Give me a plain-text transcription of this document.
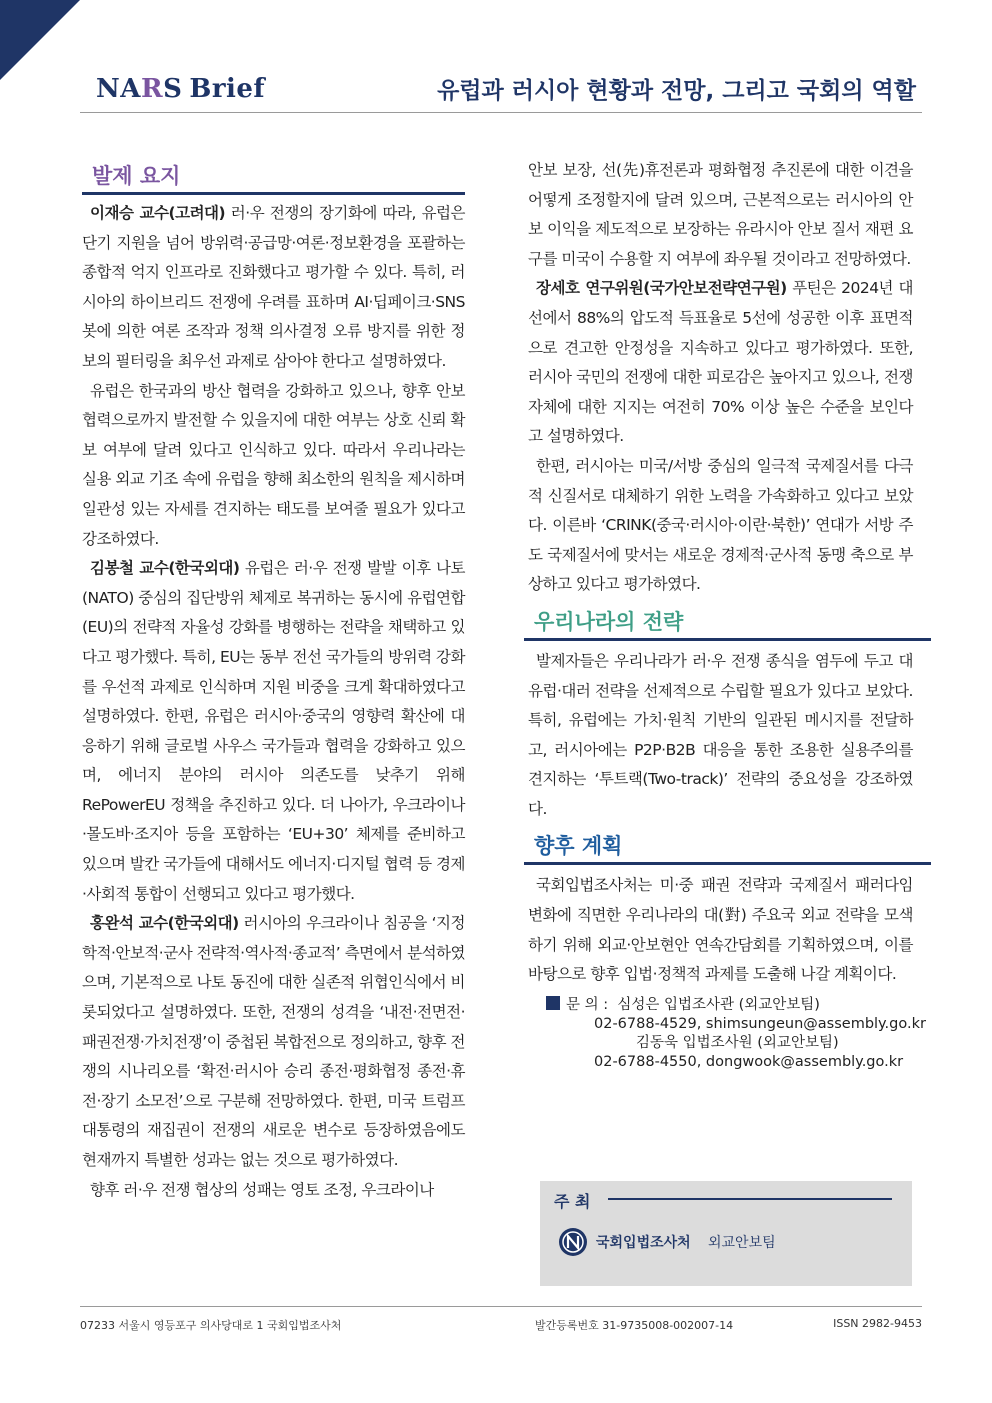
NARS Brief	유럽과 러시아 현황과 전망, 그리고 국회의 역할
발제 요지

이재승 교수(고려대) 러·우 전쟁의 장기화에 따라, 유럽은 단기 지원을 넘어 방위력·공급망·여론·정보환경을 포괄하는 종합적 억지 인프라로 진화했다고 평가할 수 있다. 특히, 러시아의 하이브리드 전쟁에 우려를 표하며 AI·딥페이크·SNS 봇에 의한 여론 조작과 정책 의사결정 오류 방지를 위한 정보의 필터링을 최우선 과제로 삼아야 한다고 설명하였다.

유럽은 한국과의 방산 협력을 강화하고 있으나, 향후 안보 협력으로까지 발전할 수 있을지에 대한 여부는 상호 신뢰 확보 여부에 달려 있다고 인식하고 있다. 따라서 우리나라는 실용 외교 기조 속에 유럽을 향해 최소한의 원칙을 제시하며 일관성 있는 자세를 견지하는 태도를 보여줄 필요가 있다고 강조하였다.

김봉철 교수(한국외대) 유럽은 러·우 전쟁 발발 이후 나토(NATO) 중심의 집단방위 체제로 복귀하는 동시에 유럽연합(EU)의 전략적 자율성 강화를 병행하는 전략을 채택하고 있다고 평가했다. 특히, EU는 동부 전선 국가들의 방위력 강화를 우선적 과제로 인식하며 지원 비중을 크게 확대하였다고 설명하였다. 한편, 유럽은 러시아·중국의 영향력 확산에 대응하기 위해 글로벌 사우스 국가들과 협력을 강화하고 있으며, 에너지 분야의 러시아 의존도를 낮추기 위해 RePowerEU 정책을 추진하고 있다. 더 나아가, 우크라이나·몰도바·조지아 등을 포함하는 ‘EU+30’ 체제를 준비하고 있으며 발칸 국가들에 대해서도 에너지·디지털 협력 등 경제·사회적 통합이 선행되고 있다고 평가했다.

홍완석 교수(한국외대) 러시아의 우크라이나 침공을 ‘지정학적·안보적·군사 전략적·역사적·종교적’ 측면에서 분석하였으며, 기본적으로 나토 동진에 대한 실존적 위협인식에서 비롯되었다고 설명하였다. 또한, 전쟁의 성격을 ‘내전·전면전·패권전쟁·가치전쟁’이 중첩된 복합전으로 정의하고, 향후 전쟁의 시나리오를 ‘확전·러시아 승리 종전·평화협정 종전·휴전·장기 소모전’으로 구분해 전망하였다. 한편, 미국 트럼프 대통령의 재집권이 전쟁의 새로운 변수로 등장하였음에도 현재까지 특별한 성과는 없는 것으로 평가하였다.

향후 러·우 전쟁 협상의 성패는 영토 조정, 우크라이나

안보 보장, 선(先)휴전론과 평화협정 추진론에 대한 이견을 어떻게 조정할지에 달려 있으며, 근본적으로는 러시아의 안보 이익을 제도적으로 보장하는 유라시아 안보 질서 재편 요구를 미국이 수용할 지 여부에 좌우될 것이라고 전망하였다.

장세호 연구위원(국가안보전략연구원) 푸틴은 2024년 대선에서 88%의 압도적 득표율로 5선에 성공한 이후 표면적으로 견고한 안정성을 지속하고 있다고 평가하였다. 또한, 러시아 국민의 전쟁에 대한 피로감은 높아지고 있으나, 전쟁 자체에 대한 지지는 여전히 70% 이상 높은 수준을 보인다고 설명하였다.

한편, 러시아는 미국/서방 중심의 일극적 국제질서를 다극적 신질서로 대체하기 위한 노력을 가속화하고 있다고 보았다. 이른바 ‘CRINK(중국·러시아·이란·북한)’ 연대가 서방 주도 국제질서에 맞서는 새로운 경제적·군사적 동맹 축으로 부상하고 있다고 평가하였다.

우리나라의 전략

발제자들은 우리나라가 러·우 전쟁 종식을 염두에 두고 대유럽·대러 전략을 선제적으로 수립할 필요가 있다고 보았다. 특히, 유럽에는 가치·원칙 기반의 일관된 메시지를 전달하고, 러시아에는 P2P·B2B 대응을 통한 조용한 실용주의를 견지하는 ‘투트랙(Two-track)’ 전략의 중요성을 강조하였다.

향후 계획

국회입법조사처는 미·중 패권 전략과 국제질서 패러다임 변화에 직면한 우리나라의 대(對) 주요국 외교 전략을 모색하기 위해 외교·안보현안 연속간담회를 기획하였으며, 이를 바탕으로 향후 입법·정책적 과제를 도출해 나갈 계획이다.

문 의 : 심성은 입법조사관 (외교안보팀)
02-6788-4529, shimsungeun@assembly.go.kr
김동욱 입법조사원 (외교안보팀)
02-6788-4550, dongwook@assembly.go.kr
주 최
국회입법조사처 외교안보팀
07233 서울시 영등포구 의사당대로 1 국회입법조사처	발간등록번호 31-9735008-002007-14	ISSN 2982-9453
